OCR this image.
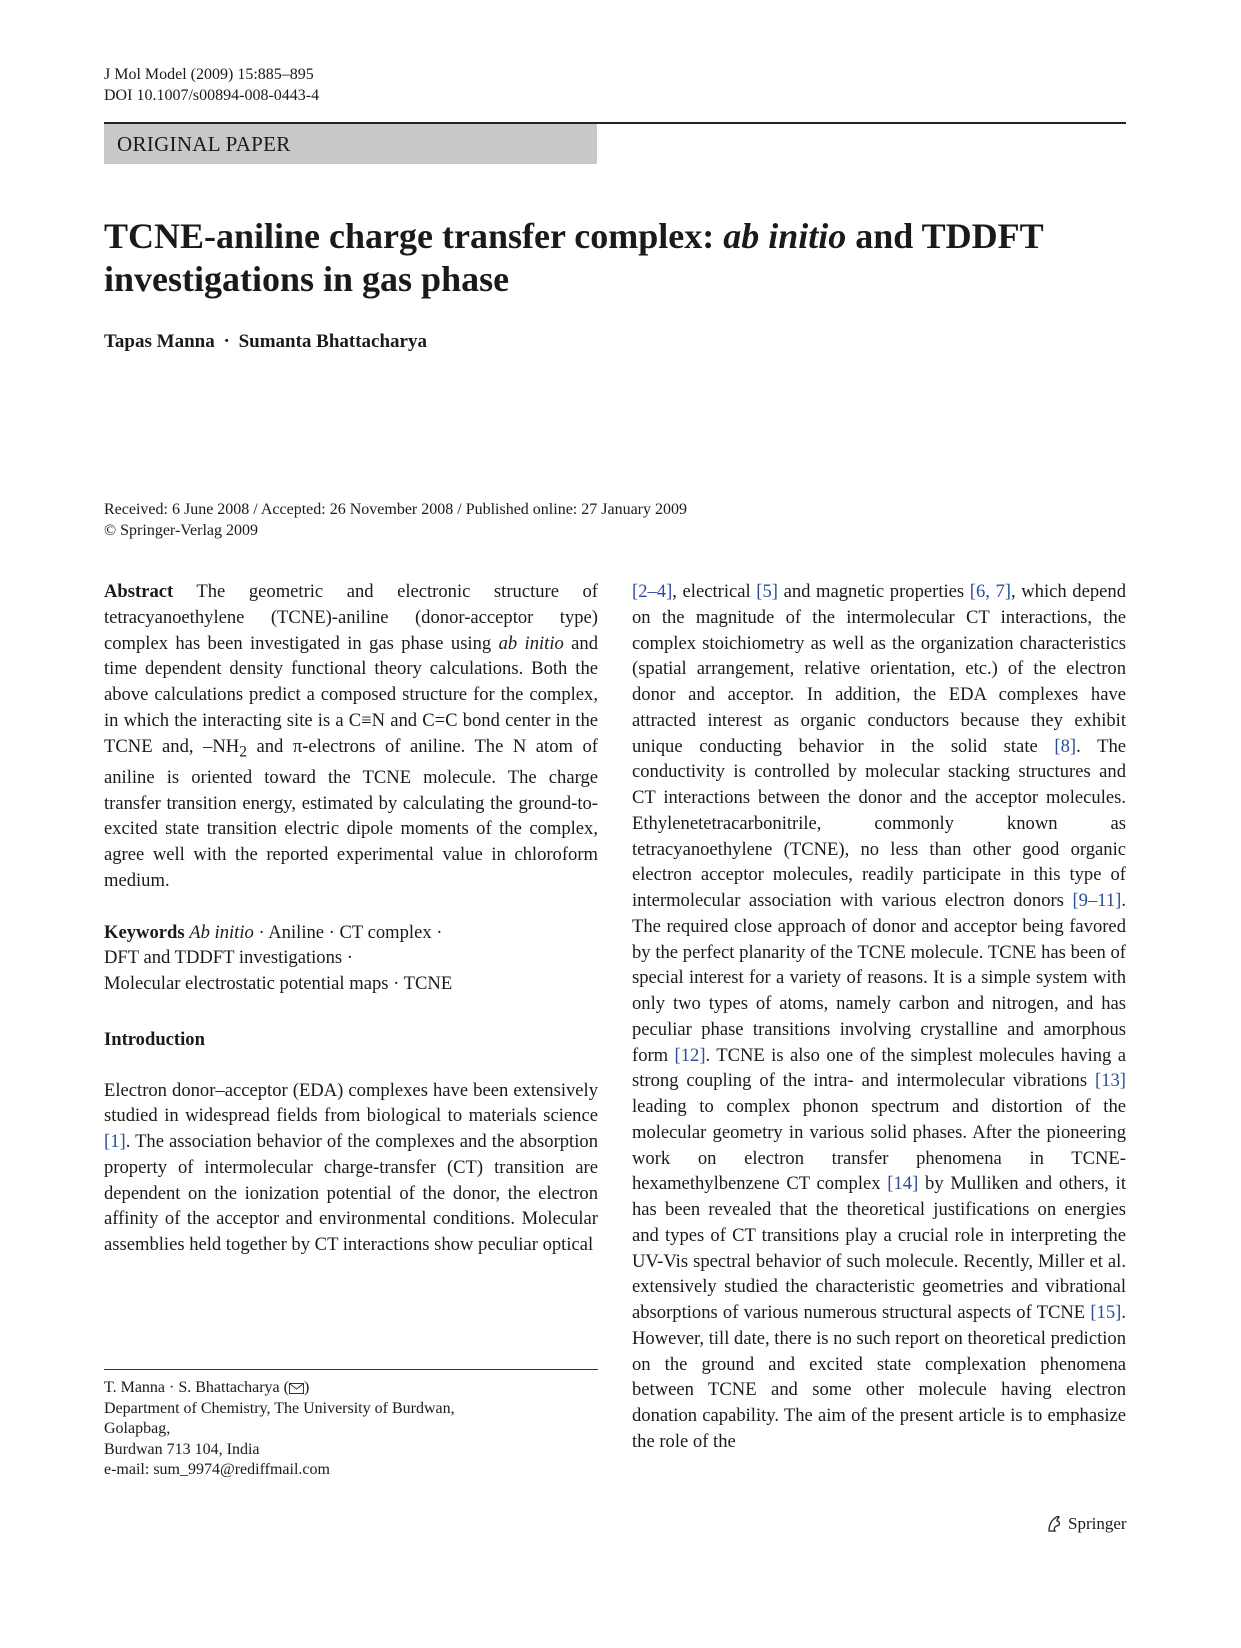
J Mol Model (2009) 15:885–895
DOI 10.1007/s00894-008-0443-4
ORIGINAL PAPER
TCNE-aniline charge transfer complex: ab initio and TDDFT investigations in gas phase
Tapas Manna · Sumanta Bhattacharya
Received: 6 June 2008 / Accepted: 26 November 2008 / Published online: 27 January 2009
© Springer-Verlag 2009

Abstract The geometric and electronic structure of tetracyanoethylene (TCNE)-aniline (donor-acceptor type) complex has been investigated in gas phase using ab initio and time dependent density functional theory calculations. Both the above calculations predict a composed structure for the complex, in which the interacting site is a C≡N and C=C bond center in the TCNE and, $-NH_2$ and π-electrons of aniline. The N atom of aniline is oriented toward the TCNE molecule. The charge transfer transition energy, estimated by calculating the ground-to-excited state transition electric dipole moments of the complex, agree well with the reported experimental value in chloroform medium.

Keywords Ab initio · Aniline · CT complex ·
DFT and TDDFT investigations ·
Molecular electrostatic potential maps · TCNE

Introduction

Electron donor–acceptor (EDA) complexes have been extensively studied in widespread fields from biological to materials science [1]. The association behavior of the complexes and the absorption property of intermolecular charge-transfer (CT) transition are dependent on the ionization potential of the donor, the electron affinity of the acceptor and environmental conditions. Molecular assemblies held together by CT interactions show peculiar optical

[2–4], electrical [5] and magnetic properties [6, 7], which depend on the magnitude of the intermolecular CT interactions, the complex stoichiometry as well as the organization characteristics (spatial arrangement, relative orientation, etc.) of the electron donor and acceptor. In addition, the EDA complexes have attracted interest as organic conductors because they exhibit unique conducting behavior in the solid state [8]. The conductivity is controlled by molecular stacking structures and CT interactions between the donor and the acceptor molecules. Ethylenetetracarbonitrile, commonly known as tetracyanoethylene (TCNE), no less than other good organic electron acceptor molecules, readily participate in this type of intermolecular association with various electron donors [9–11]. The required close approach of donor and acceptor being favored by the perfect planarity of the TCNE molecule. TCNE has been of special interest for a variety of reasons. It is a simple system with only two types of atoms, namely carbon and nitrogen, and has peculiar phase transitions involving crystalline and amorphous form [12]. TCNE is also one of the simplest molecules having a strong coupling of the intra- and intermolecular vibrations [13] leading to complex phonon spectrum and distortion of the molecular geometry in various solid phases. After the pioneering work on electron transfer phenomena in TCNE-hexamethylbenzene CT complex [14] by Mulliken and others, it has been revealed that the theoretical justifications on energies and types of CT transitions play a crucial role in interpreting the UV-Vis spectral behavior of such molecule. Recently, Miller et al. extensively studied the characteristic geometries and vibrational absorptions of various numerous structural aspects of TCNE [15]. However, till date, there is no such report on theoretical prediction on the ground and excited state complexation phenomena between TCNE and some other molecule having electron donation capability. The aim of the present article is to emphasize the role of the

T. Manna · S. Bhattacharya ( )
Department of Chemistry, The University of Burdwan,
Golapbag,
Burdwan 713 104, India
e-mail: sum_9974@rediffmail.com
Springer
